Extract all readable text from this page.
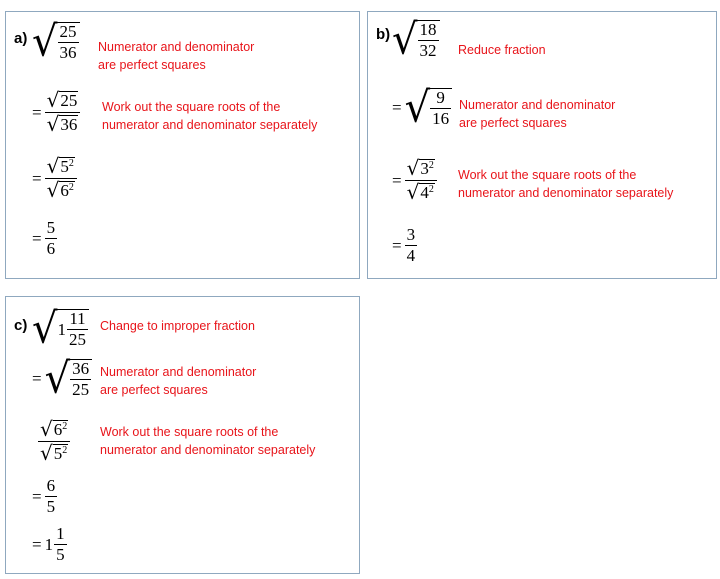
a) √ $\frac{25}{36}$ Numerator and denominator
are perfect squares
= $\frac{√ 25}{√ 36}$ Work out the square roots of the
numerator and denominator separately
= $\frac{√ 5^2}{√ 6^2}$
= $\frac{5}{6}$
b) √ $\frac{18}{32}$ Reduce fraction
= √ $\frac{9}{16}$ Numerator and denominator
are perfect squares
= $\frac{√ 3^2}{√ 4^2}$ Work out the square roots of the
numerator and denominator separately
= $\frac{3}{4}$
c) √ $1 \frac{11}{25}$ Change to improper fraction
= √ $\frac{36}{25}$ Numerator and denominator
are perfect squares
$\frac{√ 6^2}{√ 5^2}$ Work out the square roots of the
numerator and denominator separately
= $\frac{6}{5}$
= $1 \frac{1}{5}$
